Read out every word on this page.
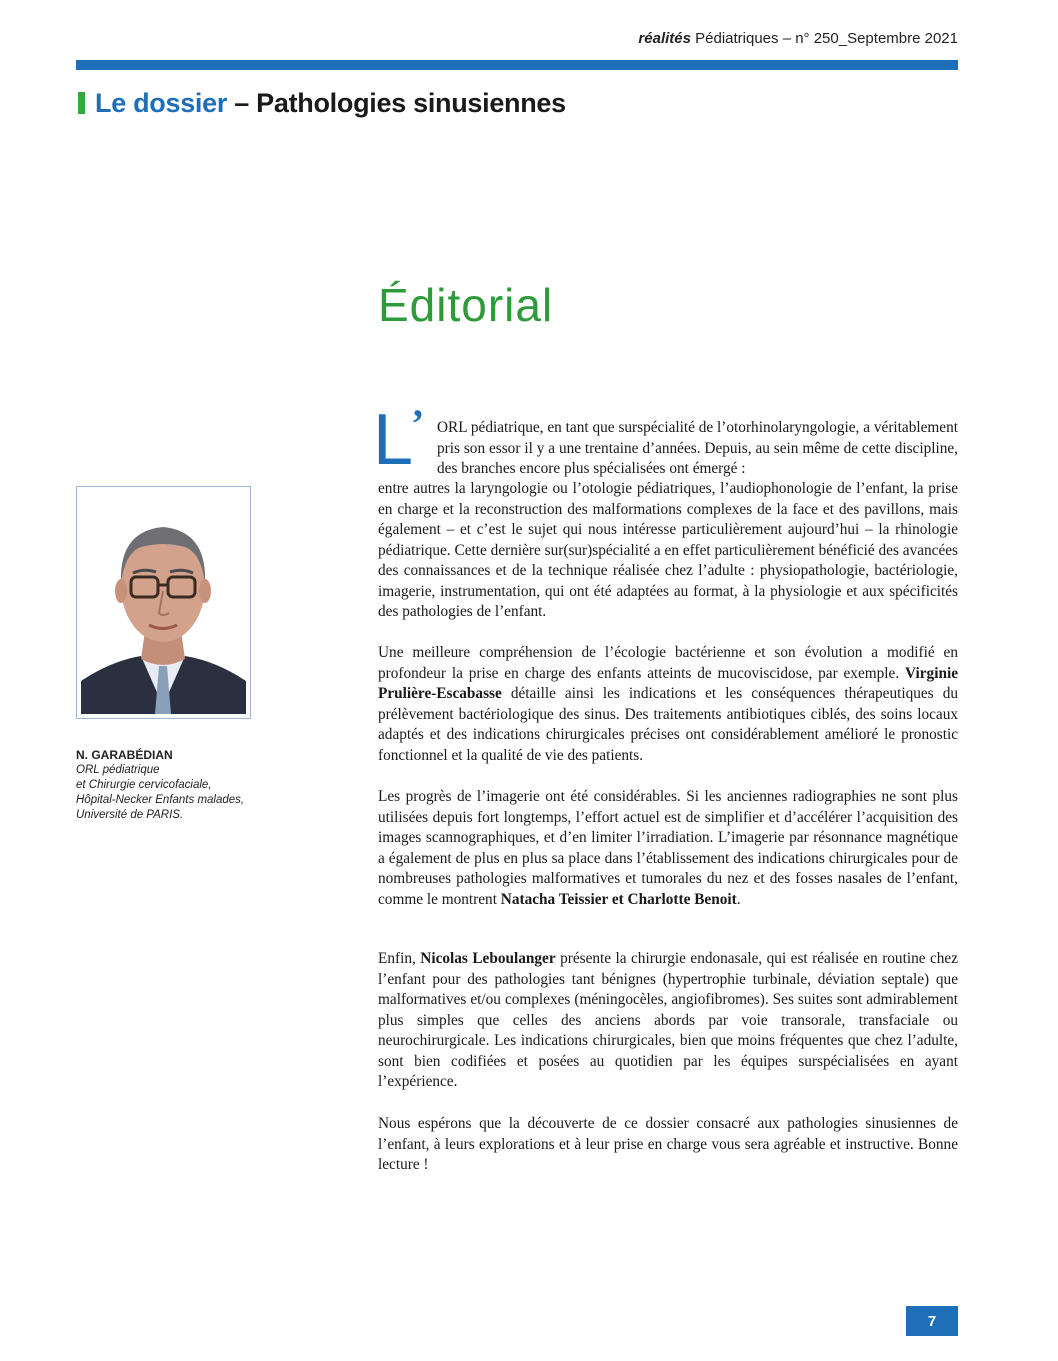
réalités Pédiatriques – n° 250_Septembre 2021
Le dossier – Pathologies sinusiennes
Éditorial
N. GARABÉDIAN
ORL pédiatrique
et Chirurgie cervicofaciale,
Hôpital-Necker Enfants malades,
Université de PARIS.
L
’ ORL pédiatrique, en tant que surspécialité de l’otorhinolaryngologie, a véritablement pris son essor il y a une trentaine d’années. Depuis, au sein même de cette discipline, des branches encore plus spécialisées ont émergé :
entre autres la laryngologie ou l’otologie pédiatriques, l’audiophonologie de l’enfant, la prise en charge et la reconstruction des malformations complexes de la face et des pavillons, mais également – et c’est le sujet qui nous intéresse particulièrement aujourd’hui – la rhinologie pédiatrique. Cette dernière sur(sur)spécialité a en effet particulièrement bénéficié des avancées des connaissances et de la technique réalisée chez l’adulte : physiopathologie, bactériologie, imagerie, instrumentation, qui ont été adaptées au format, à la physiologie et aux spécificités des pathologies de l’enfant.
Une meilleure compréhension de l’écologie bactérienne et son évolution a modifié en profondeur la prise en charge des enfants atteints de mucoviscidose, par exemple. Virginie Prulière-Escabasse détaille ainsi les indications et les conséquences thérapeutiques du prélèvement bactériologique des sinus. Des traitements antibiotiques ciblés, des soins locaux adaptés et des indications chirurgicales précises ont considérablement amélioré le pronostic fonctionnel et la qualité de vie des patients.
Les progrès de l’imagerie ont été considérables. Si les anciennes radiographies ne sont plus utilisées depuis fort longtemps, l’effort actuel est de simplifier et d’accélérer l’acquisition des images scannographiques, et d’en limiter l’irradiation. L’imagerie par résonnance magnétique a également de plus en plus sa place dans l’établissement des indications chirurgicales pour de nombreuses pathologies malformatives et tumorales du nez et des fosses nasales de l’enfant, comme le montrent Natacha Teissier et Charlotte Benoit.
Enfin, Nicolas Leboulanger présente la chirurgie endonasale, qui est réalisée en routine chez l’enfant pour des pathologies tant bénignes (hypertrophie turbinale, déviation septale) que malformatives et/ou complexes (méningocèles, angiofibromes). Ses suites sont admirablement plus simples que celles des anciens abords par voie transorale, transfaciale ou neurochirurgicale. Les indications chirurgicales, bien que moins fréquentes que chez l’adulte, sont bien codifiées et posées au quotidien par les équipes surspécialisées en ayant l’expérience.
Nous espérons que la découverte de ce dossier consacré aux pathologies sinusiennes de l’enfant, à leurs explorations et à leur prise en charge vous sera agréable et instructive. Bonne lecture !
7
